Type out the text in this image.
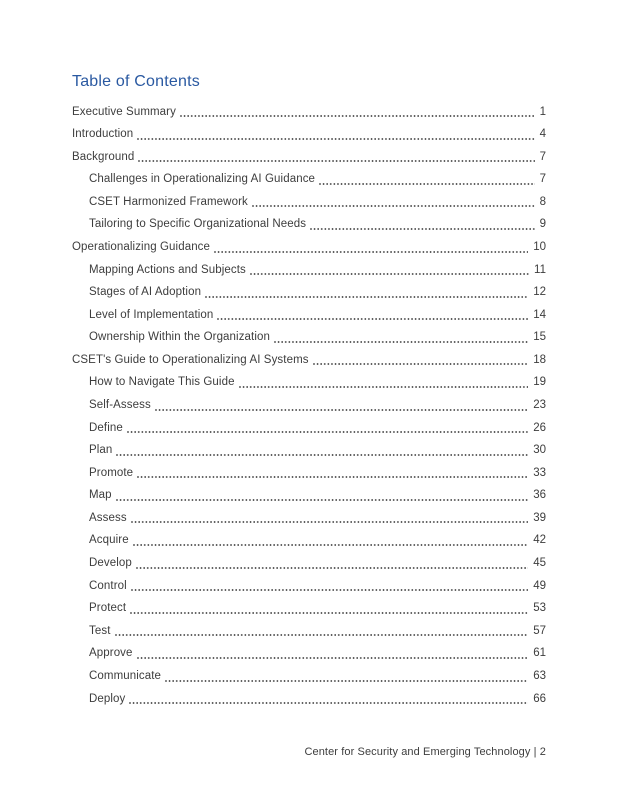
Table of Contents
Executive Summary	1
Introduction	4
Background	7
Challenges in Operationalizing AI Guidance	7
CSET Harmonized Framework	8
Tailoring to Specific Organizational Needs	9
Operationalizing Guidance	10
Mapping Actions and Subjects	11
Stages of AI Adoption	12
Level of Implementation	14
Ownership Within the Organization	15
CSET's Guide to Operationalizing AI Systems	18
How to Navigate This Guide	19
Self-Assess	23
Define	26
Plan	30
Promote	33
Map	36
Assess	39
Acquire	42
Develop	45
Control	49
Protect	53
Test	57
Approve	61
Communicate	63
Deploy	66
Center for Security and Emerging Technology | 2
